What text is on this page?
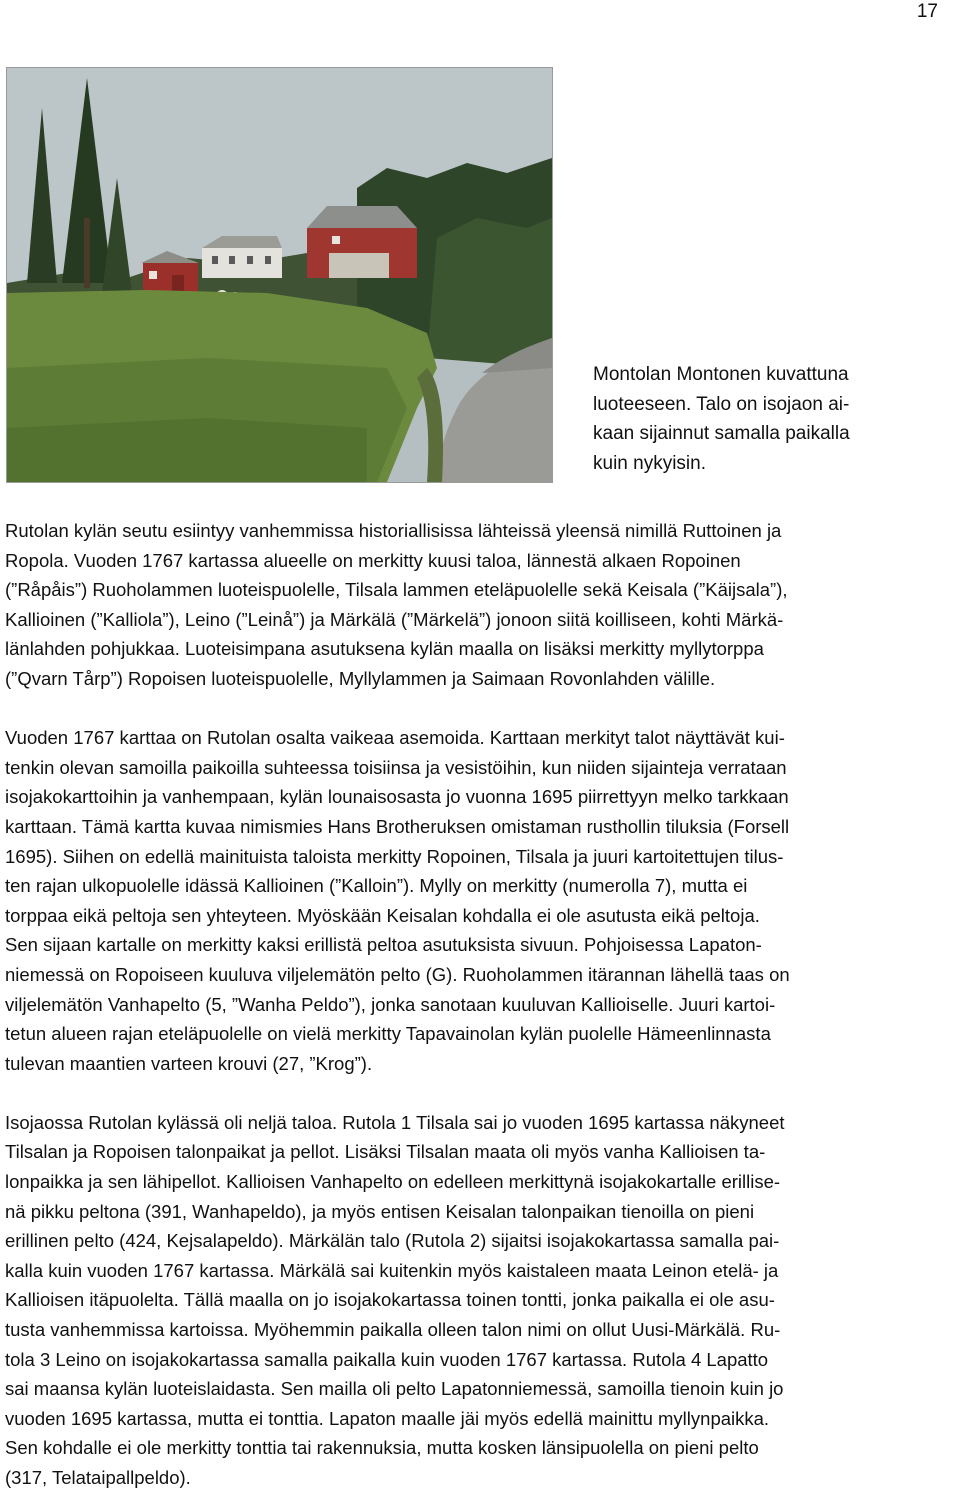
17
Montolan Montonen kuvattuna
luoteeseen. Talo on isojaon ai-
kaan sijainnut samalla paikalla
kuin nykyisin.

Rutolan kylän seutu esiintyy vanhemmissa historiallisissa lähteissä yleensä nimillä Ruttoinen ja
Ropola. Vuoden 1767 kartassa alueelle on merkitty kuusi taloa, lännestä alkaen Ropoinen
(”Råpåis”) Ruoholammen luoteispuolelle, Tilsala lammen eteläpuolelle sekä Keisala (”Käijsala”),
Kallioinen (”Kalliola”), Leino (”Leinå”) ja Märkälä (”Märkelä”) jonoon siitä koilliseen, kohti Märkä-
länlahden pohjukkaa. Luoteisimpana asutuksena kylän maalla on lisäksi merkitty myllytorppa
(”Qvarn Tårp”) Ropoisen luoteispuolelle, Myllylammen ja Saimaan Rovonlahden välille.

Vuoden 1767 karttaa on Rutolan osalta vaikeaa asemoida. Karttaan merkityt talot näyttävät kui-
tenkin olevan samoilla paikoilla suhteessa toisiinsa ja vesistöihin, kun niiden sijainteja verrataan
isojakokarttoihin ja vanhempaan, kylän lounaisosasta jo vuonna 1695 piirrettyyn melko tarkkaan
karttaan. Tämä kartta kuvaa nimismies Hans Brotheruksen omistaman rusthollin tiluksia (Forsell
1695). Siihen on edellä mainituista taloista merkitty Ropoinen, Tilsala ja juuri kartoitettujen tilus-
ten rajan ulkopuolelle idässä Kallioinen (”Kalloin”). Mylly on merkitty (numerolla 7), mutta ei
torppaa eikä peltoja sen yhteyteen. Myöskään Keisalan kohdalla ei ole asutusta eikä peltoja.
Sen sijaan kartalle on merkitty kaksi erillistä peltoa asutuksista sivuun. Pohjoisessa Lapaton-
niemessä on Ropoiseen kuuluva viljelemätön pelto (G). Ruoholammen itärannan lähellä taas on
viljelemätön Vanhapelto (5, ”Wanha Peldo”), jonka sanotaan kuuluvan Kallioiselle. Juuri kartoi-
tetun alueen rajan eteläpuolelle on vielä merkitty Tapavainolan kylän puolelle Hämeenlinnasta
tulevan maantien varteen krouvi (27, ”Krog”).

Isojaossa Rutolan kylässä oli neljä taloa. Rutola 1 Tilsala sai jo vuoden 1695 kartassa näkyneet
Tilsalan ja Ropoisen talonpaikat ja pellot. Lisäksi Tilsalan maata oli myös vanha Kallioisen ta-
lonpaikka ja sen lähipellot. Kallioisen Vanhapelto on edelleen merkittynä isojakokartalle erillise-
nä pikku peltona (391, Wanhapeldo), ja myös entisen Keisalan talonpaikan tienoilla on pieni
erillinen pelto (424, Kejsalapeldo). Märkälän talo (Rutola 2) sijaitsi isojakokartassa samalla pai-
kalla kuin vuoden 1767 kartassa. Märkälä sai kuitenkin myös kaistaleen maata Leinon etelä- ja
Kallioisen itäpuolelta. Tällä maalla on jo isojakokartassa toinen tontti, jonka paikalla ei ole asu-
tusta vanhemmissa kartoissa. Myöhemmin paikalla olleen talon nimi on ollut Uusi-Märkälä. Ru-
tola 3 Leino on isojakokartassa samalla paikalla kuin vuoden 1767 kartassa. Rutola 4 Lapatto
sai maansa kylän luoteislaidasta. Sen mailla oli pelto Lapatonniemessä, samoilla tienoin kuin jo
vuoden 1695 kartassa, mutta ei tonttia. Lapaton maalle jäi myös edellä mainittu myllynpaikka.
Sen kohdalle ei ole merkitty tonttia tai rakennuksia, mutta kosken länsipuolella on pieni pelto
(317, Telataipallpeldo).
